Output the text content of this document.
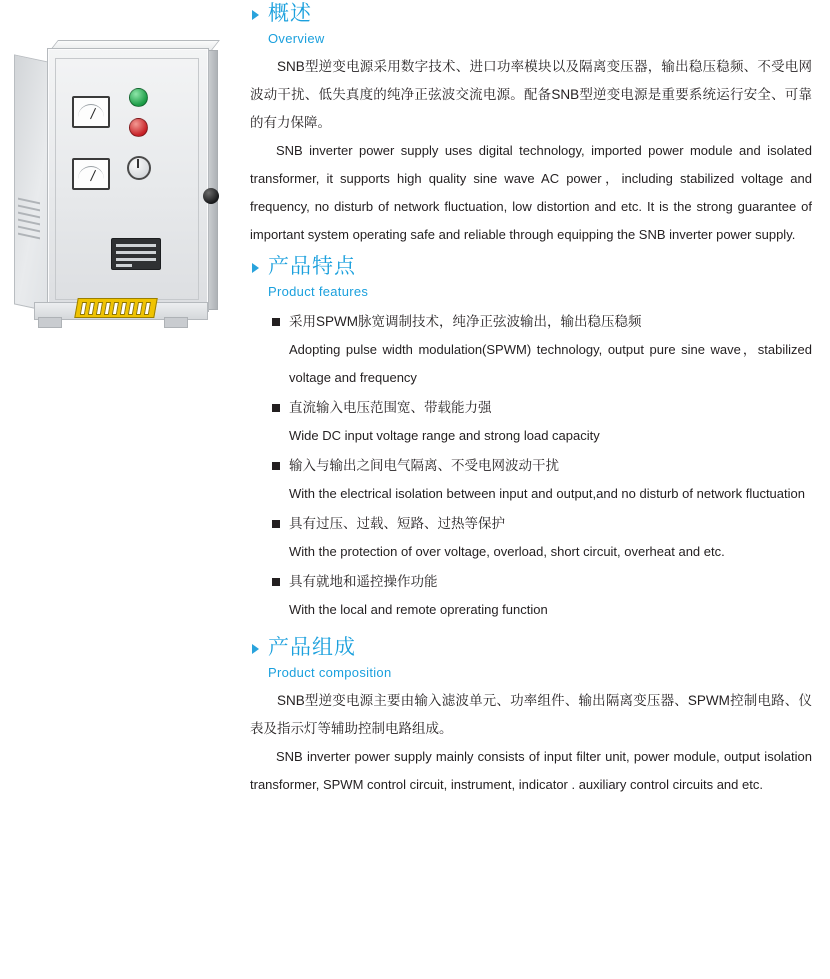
概述
Overview

SNB型逆变电源采用数字技术、进口功率模块以及隔离变压器，输出稳压稳频、不受电网波动干扰、低失真度的纯净正弦波交流电源。配备SNB型逆变电源是重要系统运行安全、可靠的有力保障。

SNB inverter power supply uses digital technology, imported power module and isolated transformer, it supports high quality sine wave AC power，including stabilized voltage and frequency, no disturb of network fluctuation, low distortion and etc. It is the strong guarantee of important system operating safe and reliable through equipping the SNB inverter power supply.

产品特点
Product features
采用SPWM脉宽调制技术，纯净正弦波输出，输出稳压稳频
Adopting pulse width modulation(SPWM) technology, output pure sine wave，stabilized voltage and frequency
直流输入电压范围宽、带载能力强
Wide DC input voltage range and strong load capacity
输入与输出之间电气隔离、不受电网波动干扰
With the electrical isolation between input and output,and no disturb of network fluctuation
具有过压、过载、短路、过热等保护
With the protection of over voltage, overload, short circuit, overheat and etc.
具有就地和遥控操作功能
With the local and remote oprerating function
产品组成
Product composition

SNB型逆变电源主要由输入滤波单元、功率组件、输出隔离变压器、SPWM控制电路、仪表及指示灯等辅助控制电路组成。

SNB inverter power supply mainly consists of input filter unit, power module, output isolation transformer, SPWM control circuit, instrument, indicator . auxiliary control circuits and etc.
